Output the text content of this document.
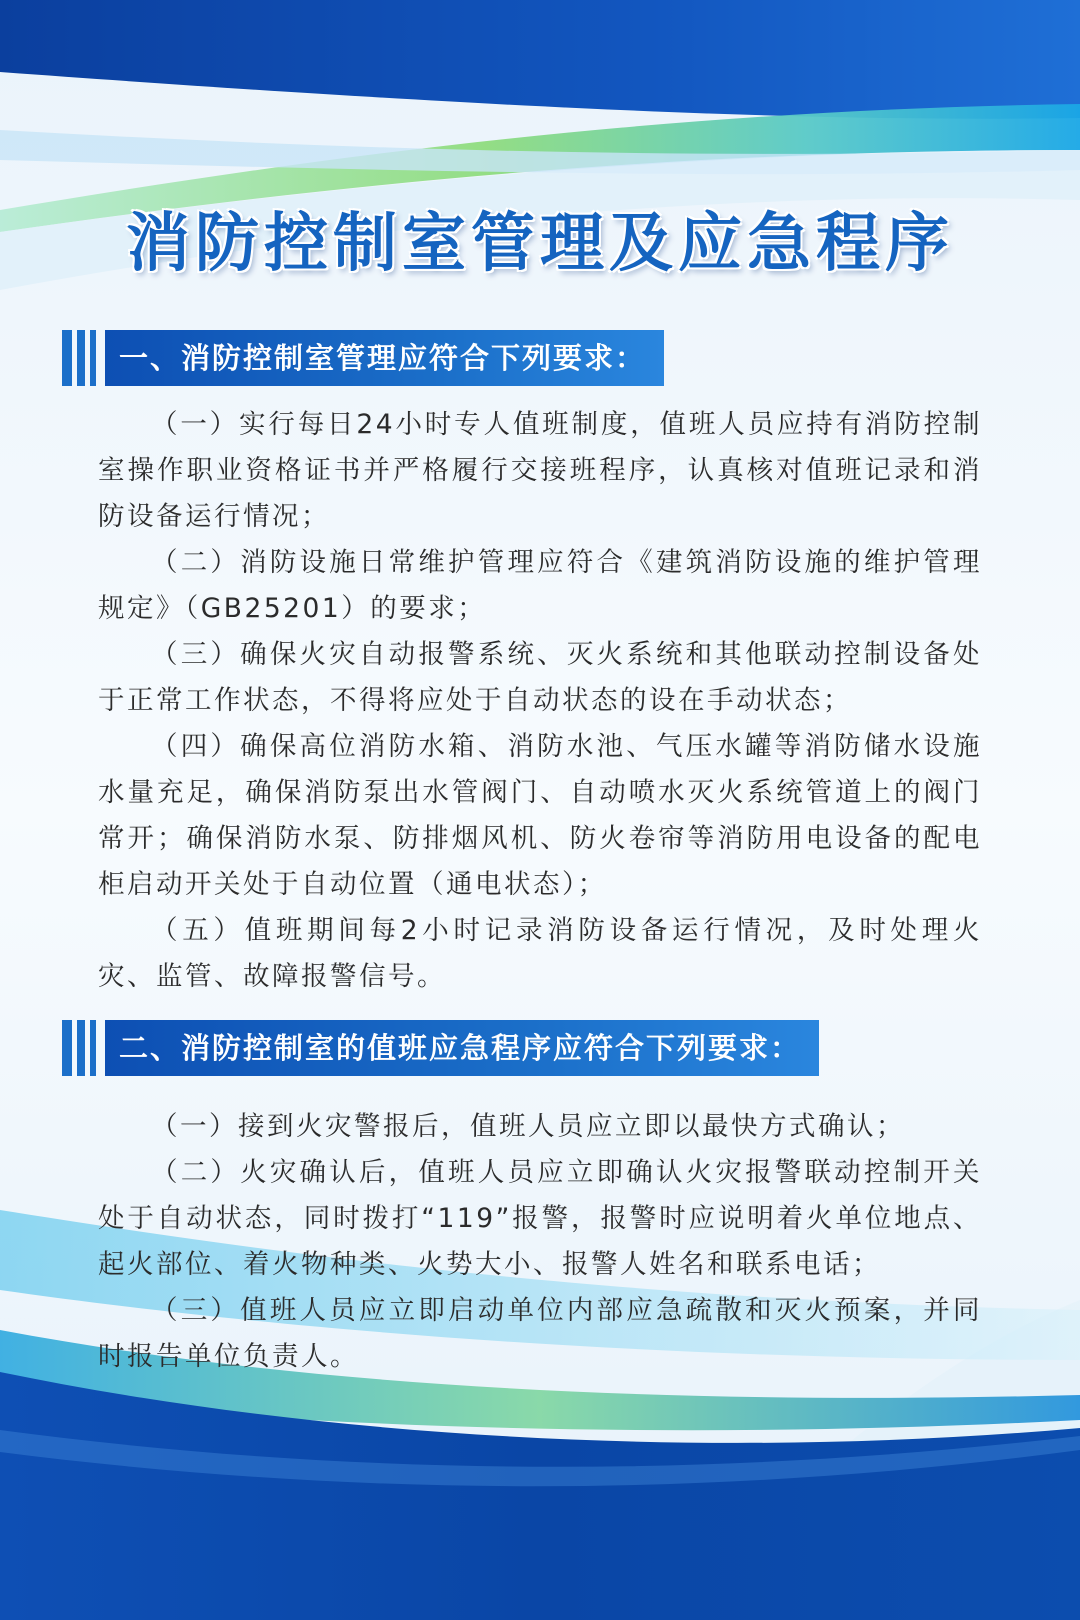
消防控制室管理及应急程序
一、消防控制室管理应符合下列要求：

（一）实行每日24小时专人值班制度，值班人员应持有消防控制室操作职业资格证书并严格履行交接班程序，认真核对值班记录和消防设备运行情况；

（二）消防设施日常维护管理应符合《建筑消防设施的维护管理规定》（GB25201）的要求；

（三）确保火灾自动报警系统、灭火系统和其他联动控制设备处于正常工作状态，不得将应处于自动状态的设在手动状态；

（四）确保高位消防水箱、消防水池、气压水罐等消防储水设施水量充足，确保消防泵出水管阀门、自动喷水灭火系统管道上的阀门常开；确保消防水泵、防排烟风机、防火卷帘等消防用电设备的配电柜启动开关处于自动位置（通电状态）；

（五）值班期间每2小时记录消防设备运行情况，及时处理火灾、监管、故障报警信号。

二、消防控制室的值班应急程序应符合下列要求：

（一）接到火灾警报后，值班人员应立即以最快方式确认；

（二）火灾确认后，值班人员应立即确认火灾报警联动控制开关处于自动状态，同时拨打“119”报警，报警时应说明着火单位地点、起火部位、着火物种类、火势大小、报警人姓名和联系电话；

（三）值班人员应立即启动单位内部应急疏散和灭火预案，并同时报告单位负责人。
